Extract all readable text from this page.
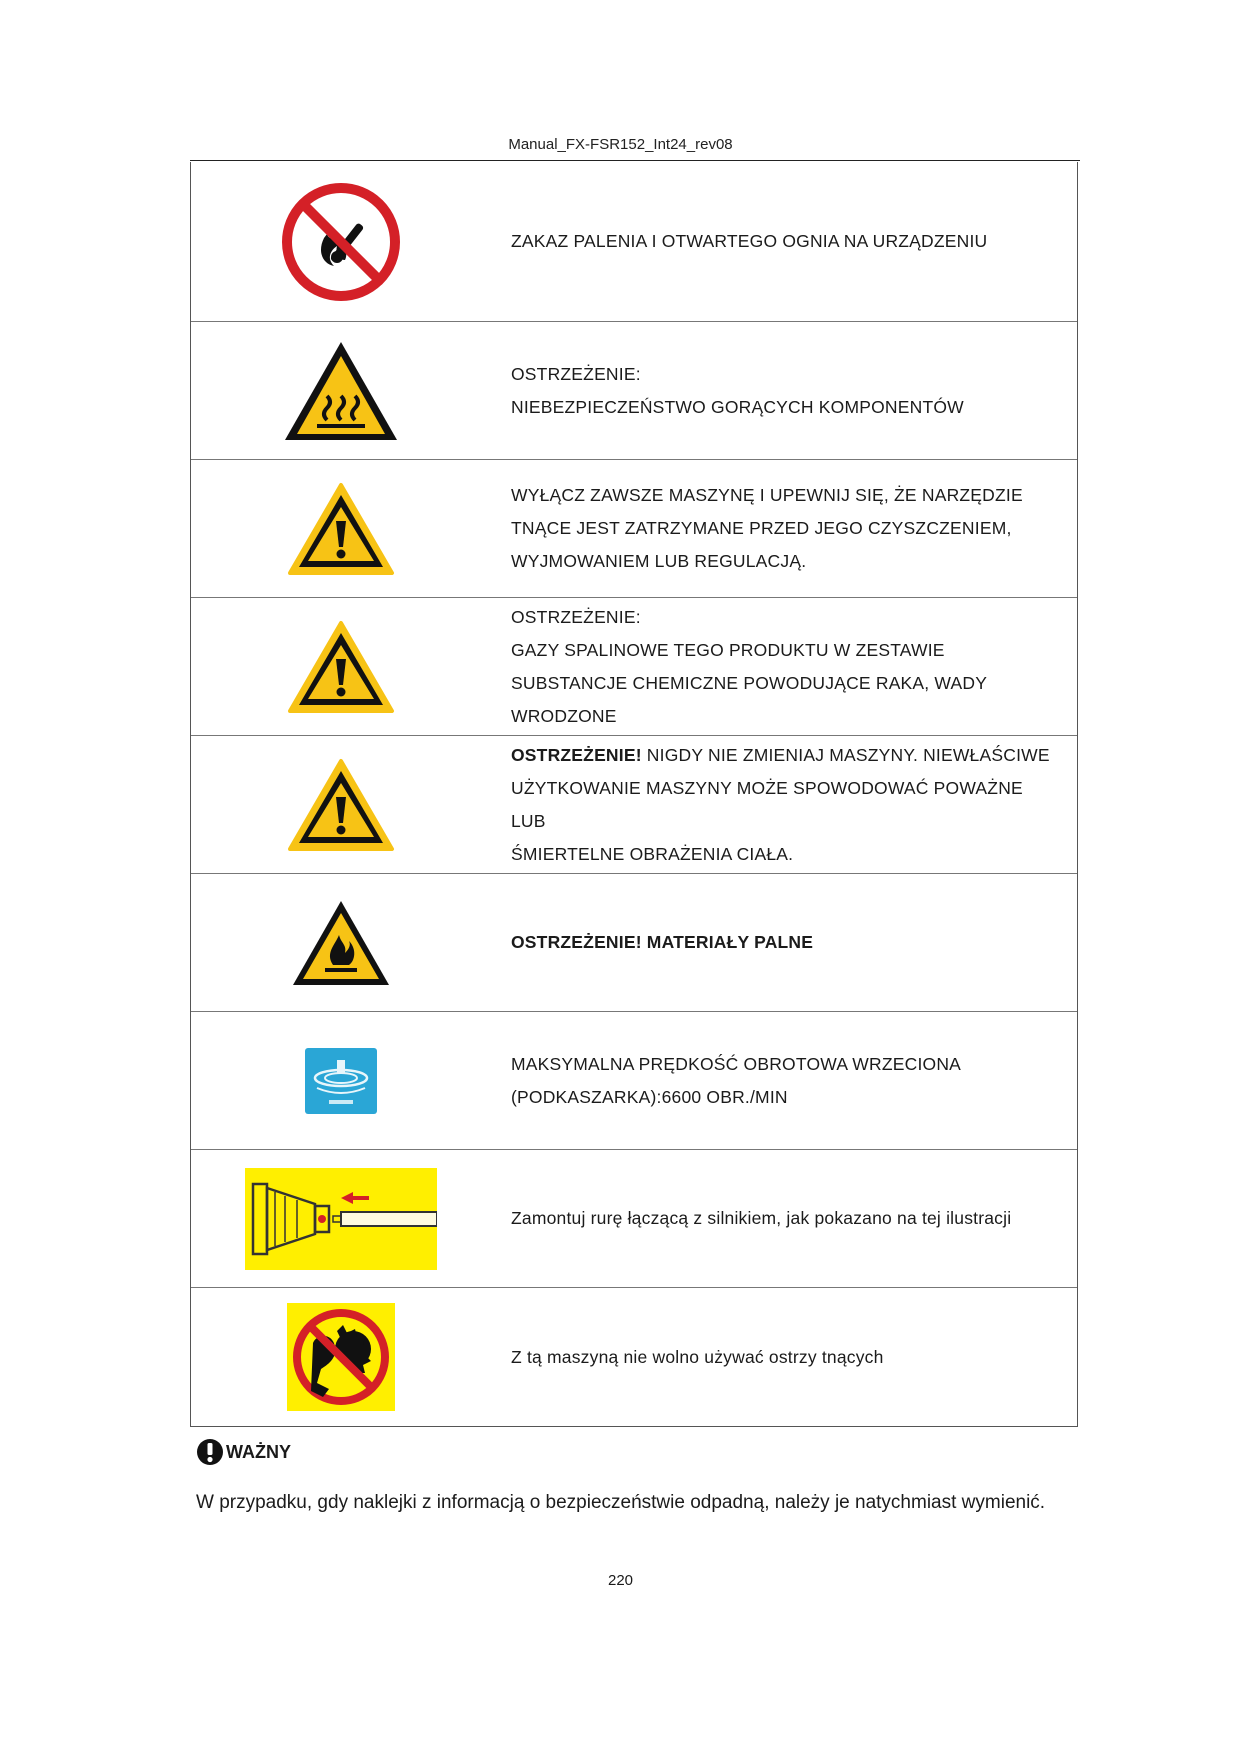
Manual_FX-FSR152_Int24_rev08
ZAKAZ PALENIA I OTWARTEGO OGNIA NA URZĄDZENIU
OSTRZEŻENIE:
NIEBEZPIECZEŃSTWO GORĄCYCH KOMPONENTÓW
WYŁĄCZ ZAWSZE MASZYNĘ I UPEWNIJ SIĘ, ŻE NARZĘDZIE
TNĄCE JEST ZATRZYMANE PRZED JEGO CZYSZCZENIEM,
WYJMOWANIEM LUB REGULACJĄ.
OSTRZEŻENIE:
GAZY SPALINOWE TEGO PRODUKTU W ZESTAWIE
SUBSTANCJE CHEMICZNE POWODUJĄCE RAKA, WADY
WRODZONE
OSTRZEŻENIE! NIGDY NIE ZMIENIAJ MASZYNY. NIEWŁAŚCIWE
UŻYTKOWANIE MASZYNY MOŻE SPOWODOWAĆ POWAŻNE LUB
ŚMIERTELNE OBRAŻENIA CIAŁA.
OSTRZEŻENIE! MATERIAŁY PALNE
MAKSYMALNA PRĘDKOŚĆ OBROTOWA WRZECIONA
(PODKASZARKA):6600 OBR./MIN
Zamontuj rurę łączącą z silnikiem, jak pokazano na tej ilustracji
Z tą maszyną nie wolno używać ostrzy tnących
WAŻNY
W przypadku, gdy naklejki z informacją o bezpieczeństwie odpadną, należy je natychmiast wymienić.
220
